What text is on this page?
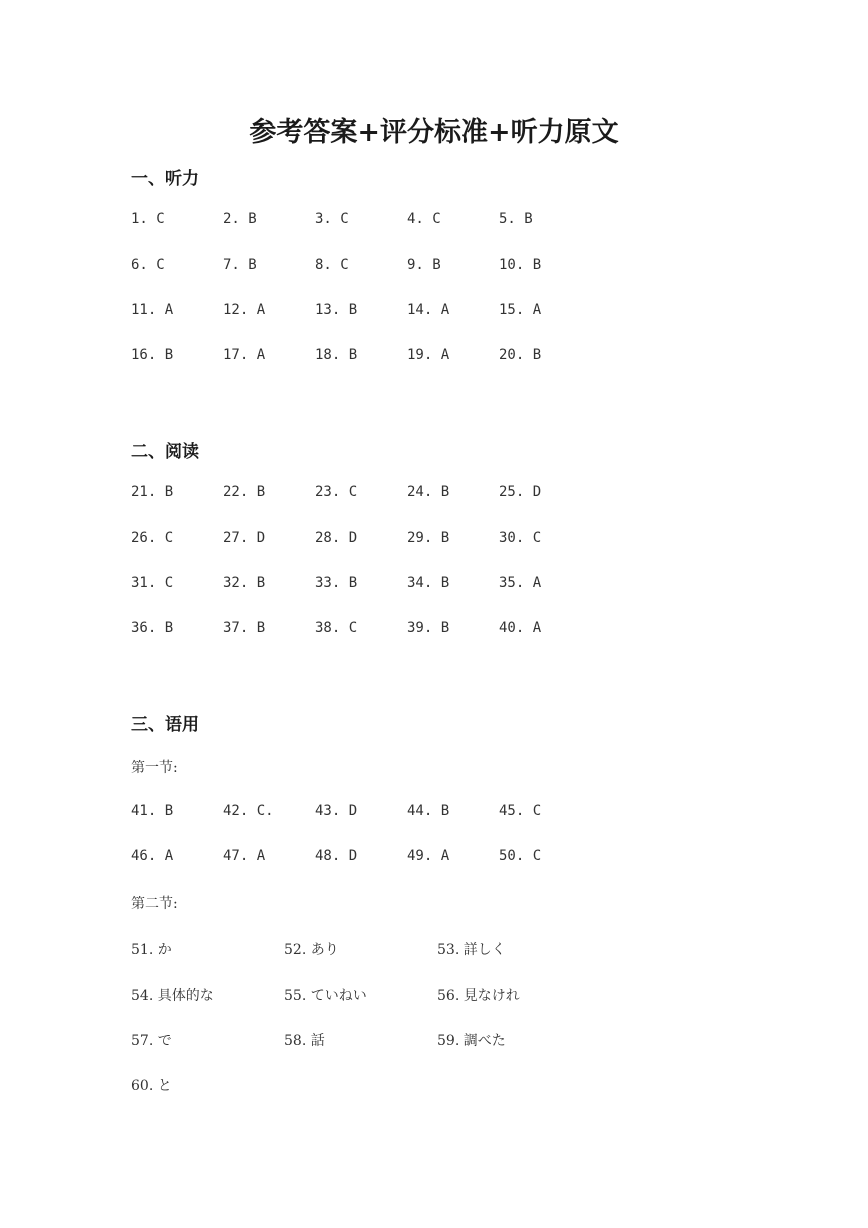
参考答案+评分标准+听力原文
一、听力
1. C	2. B	3. C	4. C	5. B
6. C	7. B	8. C	9. B	10. B
11. A	12. A	13. B	14. A	15. A
16. B	17. A	18. B	19. A	20. B
二、阅读
21. B	22. B	23. C	24. B	25. D
26. C	27. D	28. D	29. B	30. C
31. C	32. B	33. B	34. B	35. A
36. B	37. B	38. C	39. B	40. A
三、语用
第一节:
41. B	42. C.	43. D	44. B	45. C
46. A	47. A	48. D	49. A	50. C
第二节:
51. か	52. あり	53. 詳しく
54. 具体的な	55. ていねい	56. 見なけれ
57. で	58. 話	59. 調べた
60. と
